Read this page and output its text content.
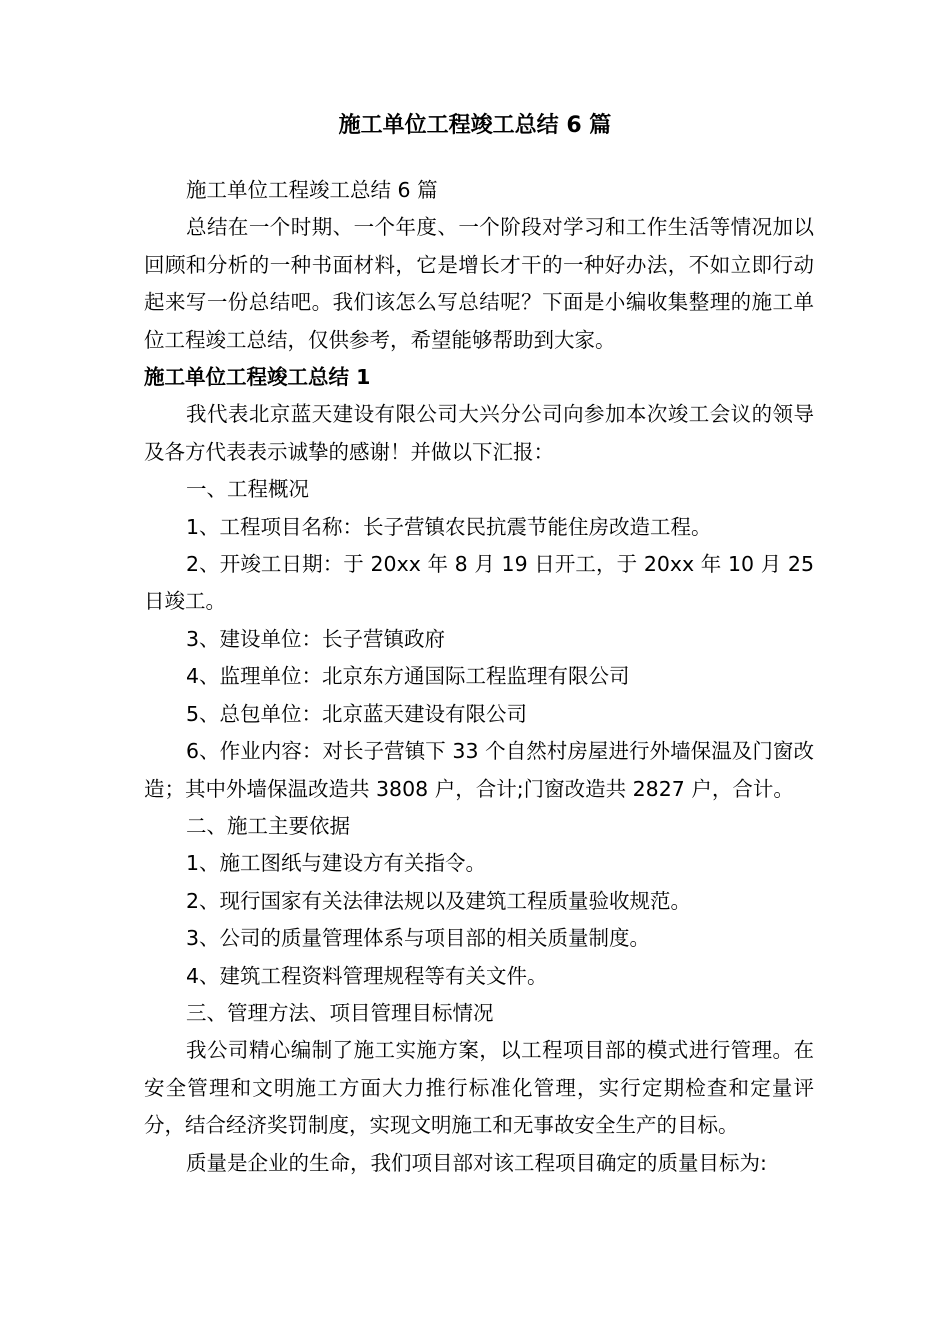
施工单位工程竣工总结 6 篇

施工单位工程竣工总结 6 篇

总结在一个时期、一个年度、一个阶段对学习和工作生活等情况加以回顾和分析的一种书面材料，它是增长才干的一种好办法，不如立即行动起来写一份总结吧。我们该怎么写总结呢？下面是小编收集整理的施工单位工程竣工总结，仅供参考，希望能够帮助到大家。

施工单位工程竣工总结 1

我代表北京蓝天建设有限公司大兴分公司向参加本次竣工会议的领导及各方代表表示诚挚的感谢！并做以下汇报：

一、工程概况

1、工程项目名称：长子营镇农民抗震节能住房改造工程。

2、开竣工日期：于 20xx 年 8 月 19 日开工，于 20xx 年 10 月 25 日竣工。

3、建设单位：长子营镇政府

4、监理单位：北京东方通国际工程监理有限公司

5、总包单位：北京蓝天建设有限公司

6、作业内容：对长子营镇下 33 个自然村房屋进行外墙保温及门窗改造；其中外墙保温改造共 3808 户，合计;门窗改造共 2827 户，合计。

二、施工主要依据

1、施工图纸与建设方有关指令。

2、现行国家有关法律法规以及建筑工程质量验收规范。

3、公司的质量管理体系与项目部的相关质量制度。

4、建筑工程资料管理规程等有关文件。

三、管理方法、项目管理目标情况

我公司精心编制了施工实施方案，以工程项目部的模式进行管理。在安全管理和文明施工方面大力推行标准化管理，实行定期检查和定量评分，结合经济奖罚制度，实现文明施工和无事故安全生产的目标。

质量是企业的生命，我们项目部对该工程项目确定的质量目标为:
